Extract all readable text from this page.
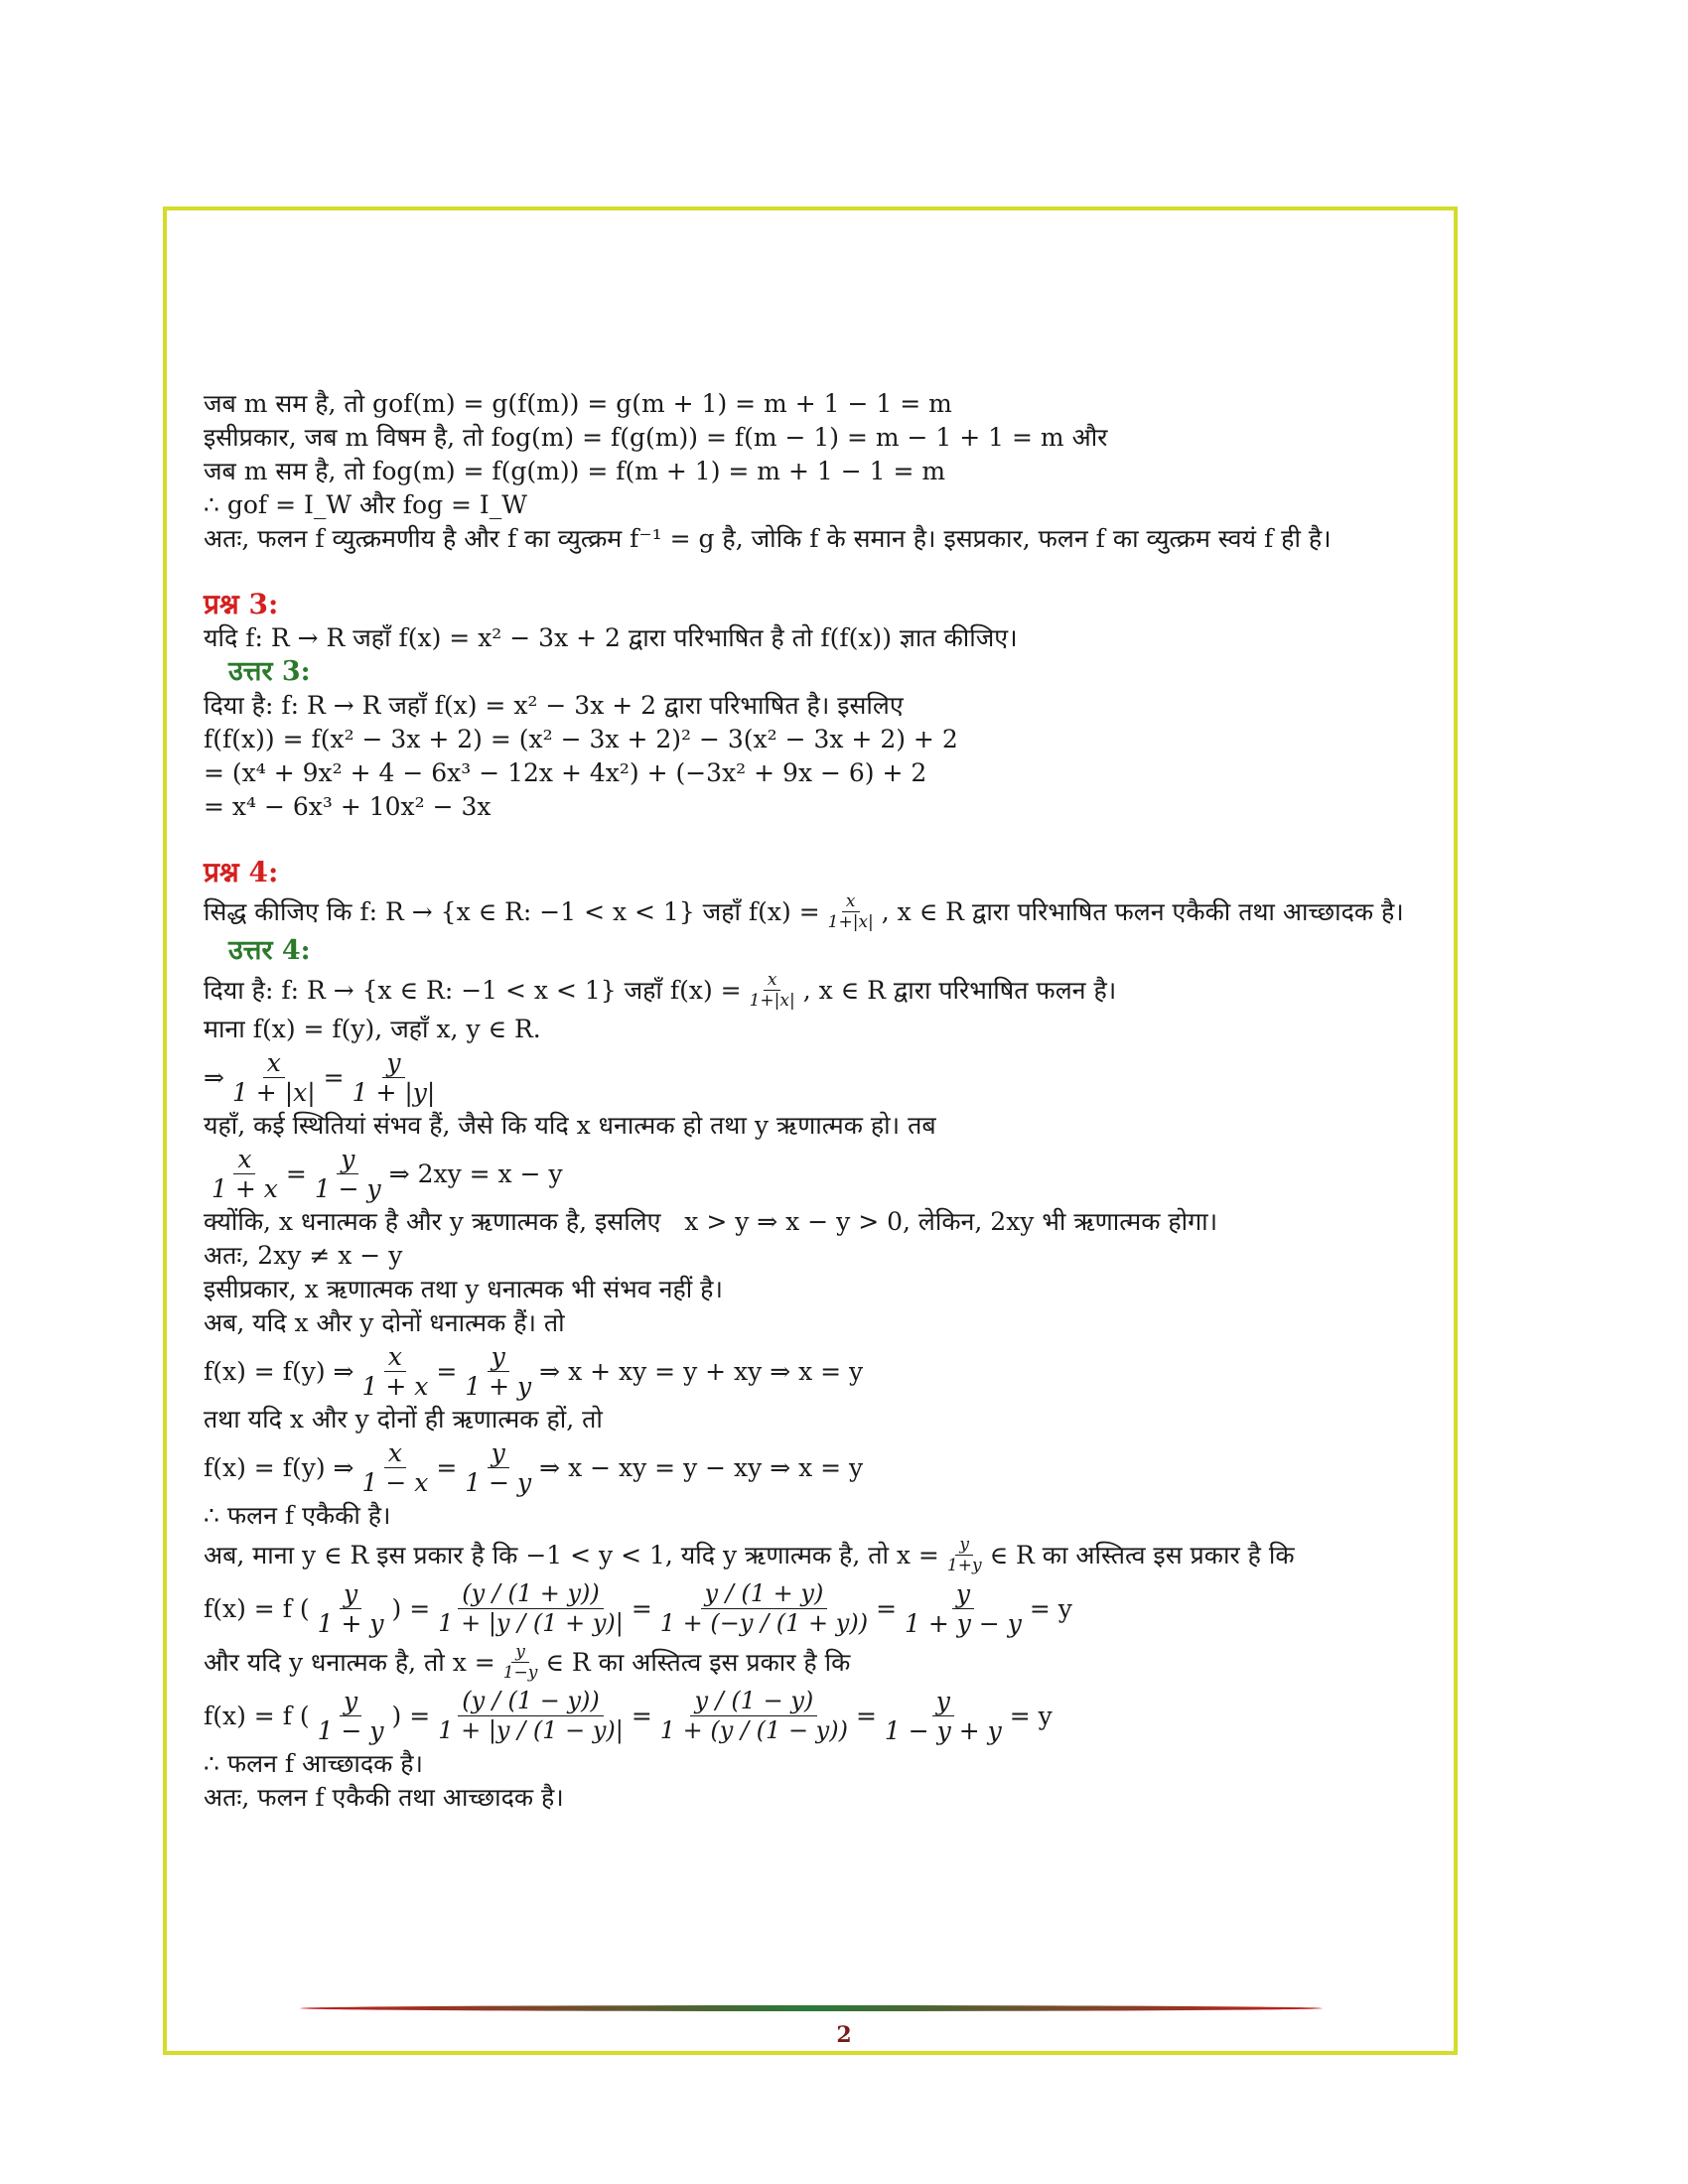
जब m सम है, तो gof(m) = g(f(m)) = g(m + 1) = m + 1 − 1 = m
इसीप्रकार, जब m विषम है, तो fog(m) = f(g(m)) = f(m − 1) = m − 1 + 1 = m और
जब m सम है, तो fog(m) = f(g(m)) = f(m + 1) = m + 1 − 1 = m
∴ gof = I_W और fog = I_W
अतः, फलन f व्युत्क्रमणीय है और f का व्युत्क्रम f⁻¹ = g है, जोकि f के समान है। इसप्रकार, फलन f का व्युत्क्रम स्वयं f ही है।
प्रश्न 3:
यदि f: R → R जहाँ f(x) = x² − 3x + 2 द्वारा परिभाषित है तो f(f(x)) ज्ञात कीजिए।
उत्तर 3:
दिया है: f: R → R जहाँ f(x) = x² − 3x + 2 द्वारा परिभाषित है। इसलिए
f(f(x)) = f(x² − 3x + 2) = (x² − 3x + 2)² − 3(x² − 3x + 2) + 2
= (x⁴ + 9x² + 4 − 6x³ − 12x + 4x²) + (−3x² + 9x − 6) + 2
= x⁴ − 6x³ + 10x² − 3x
प्रश्न 4:
सिद्ध कीजिए कि f: R → {x ∈ R: −1 < x < 1} जहाँ $f(x) = \frac{x}{1+|x|}$ , x ∈ R द्वारा परिभाषित फलन एकैकी तथा आच्छादक है।
उत्तर 4:
दिया है: f: R → {x ∈ R: −1 < x < 1} जहाँ $f(x) = \frac{x}{1+|x|}$ , x ∈ R द्वारा परिभाषित फलन है।
माना f(x) = f(y), जहाँ x, y ∈ R.
⇒ $\frac{x}{1 + |x|} = \frac{y}{1 + |y|}$
यहाँ, कई स्थितियां संभव हैं, जैसे कि यदि x धनात्मक हो तथा y ऋणात्मक हो। तब
$\frac{x}{1 + x} = \frac{y}{1 - y}$ ⇒ 2xy = x − y
क्योंकि, x धनात्मक है और y ऋणात्मक है, इसलिए   x > y ⇒ x − y > 0, लेकिन, 2xy भी ऋणात्मक होगा।
अतः, 2xy ≠ x − y
इसीप्रकार, x ऋणात्मक तथा y धनात्मक भी संभव नहीं है।
अब, यदि x और y दोनों धनात्मक हैं। तो
f(x) = f(y) ⇒ $\frac{x}{1 + x} = \frac{y}{1 + y}$ ⇒ x + xy = y + xy ⇒ x = y
तथा यदि x और y दोनों ही ऋणात्मक हों, तो
f(x) = f(y) ⇒ $\frac{x}{1 - x} = \frac{y}{1 - y}$ ⇒ x − xy = y − xy ⇒ x = y
∴ फलन f एकैकी है।
अब, माना y ∈ R इस प्रकार है कि −1 < y < 1, यदि y ऋणात्मक है, तो $x = \frac{y}{1+y}$ ∈ R का अस्तित्व इस प्रकार है कि
f(x) = f ( $\frac{y}{1 + y}$ ) = $\frac{(y / (1 + y))}{1 + |y / (1 + y)|} = \frac{y / (1 + y)}{1 + (-y / (1 + y))} = \frac{y}{1 + y - y} = y$
और यदि y धनात्मक है, तो $x = \frac{y}{1-y}$ ∈ R का अस्तित्व इस प्रकार है कि
f(x) = f ( $\frac{y}{1 - y}$ ) = $\frac{(y / (1 - y))}{1 + |y / (1 - y)|} = \frac{y / (1 - y)}{1 + (y / (1 - y))} = \frac{y}{1 - y + y} = y$
∴ फलन f आच्छादक है।
अतः, फलन f एकैकी तथा आच्छादक है।
2
